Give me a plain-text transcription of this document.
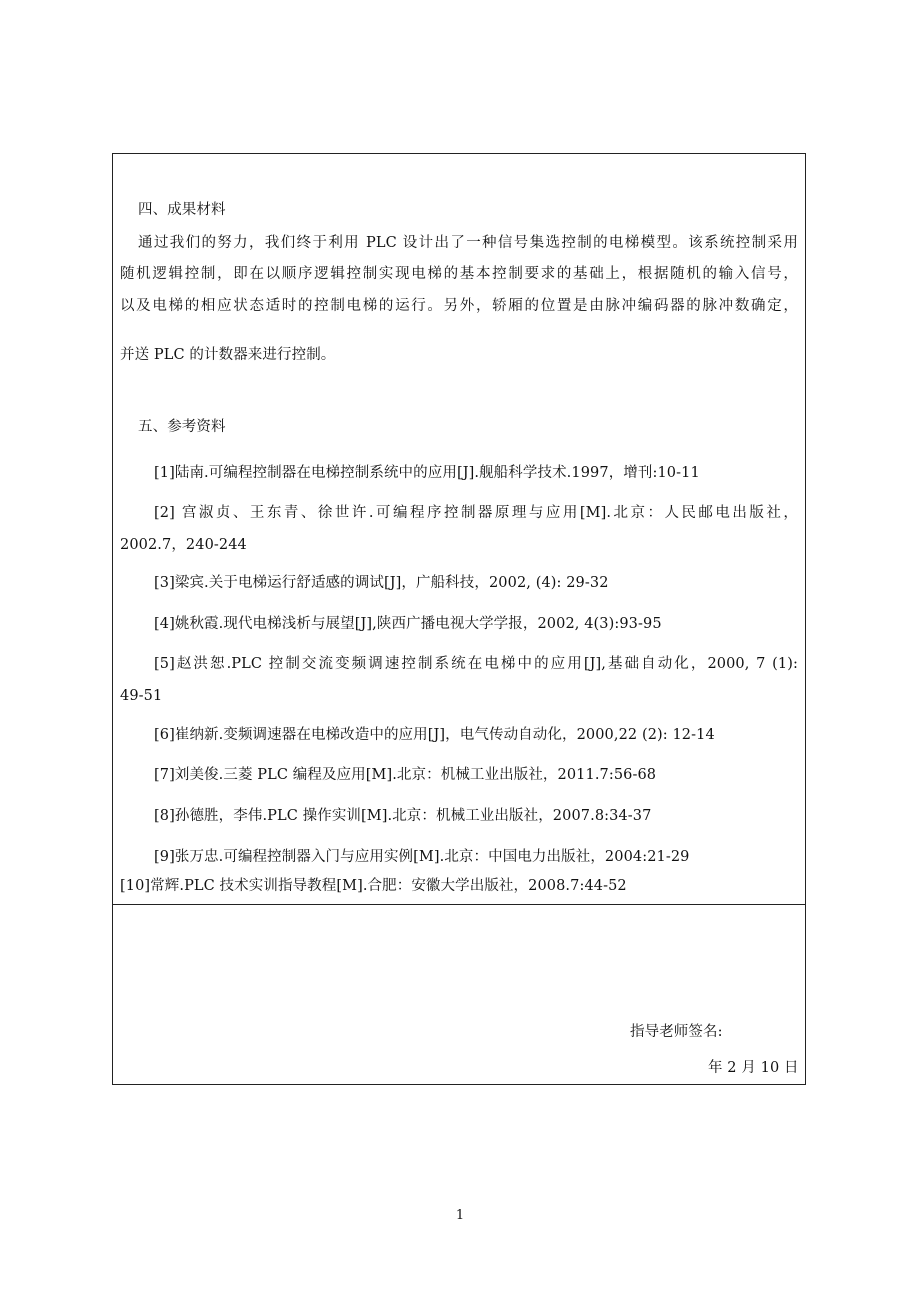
四、成果材料
通过我们的努力，我们终于利用 PLC 设计出了一种信号集选控制的电梯模型。该系统控制采用
随机逻辑控制，即在以顺序逻辑控制实现电梯的基本控制要求的基础上，根据随机的输入信号，
以及电梯的相应状态适时的控制电梯的运行。另外，轿厢的位置是由脉冲编码器的脉冲数确定，
并送 PLC 的计数器来进行控制。
五、参考资料
[1]陆南.可编程控制器在电梯控制系统中的应用[J].舰船科学技术.1997，增刊:10-11
[2] 宫淑贞、王东青、徐世许.可编程序控制器原理与应用[M].北京：人民邮电出版社，
2002.7，240-244
[3]梁宾.关于电梯运行舒适感的调试[J]，广船科技，2002, (4): 29-32
[4]姚秋霞.现代电梯浅析与展望[J],陕西广播电视大学学报，2002, 4(3):93-95
[5]赵洪恕.PLC 控制交流变频调速控制系统在电梯中的应用[J],基础自动化，2000, 7 (1):
49-51
[6]崔纳新.变频调速器在电梯改造中的应用[J]，电气传动自动化，2000,22 (2): 12-14
[7]刘美俊.三菱 PLC 编程及应用[M].北京：机械工业出版社，2011.7:56-68
[8]孙德胜，李伟.PLC 操作实训[M].北京：机械工业出版社，2007.8:34-37
[9]张万忠.可编程控制器入门与应用实例[M].北京：中国电力出版社，2004:21-29
[10]常辉.PLC 技术实训指导教程[M].合肥：安徽大学出版社，2008.7:44-52
指导老师签名:
年 2 月 10 日
1
